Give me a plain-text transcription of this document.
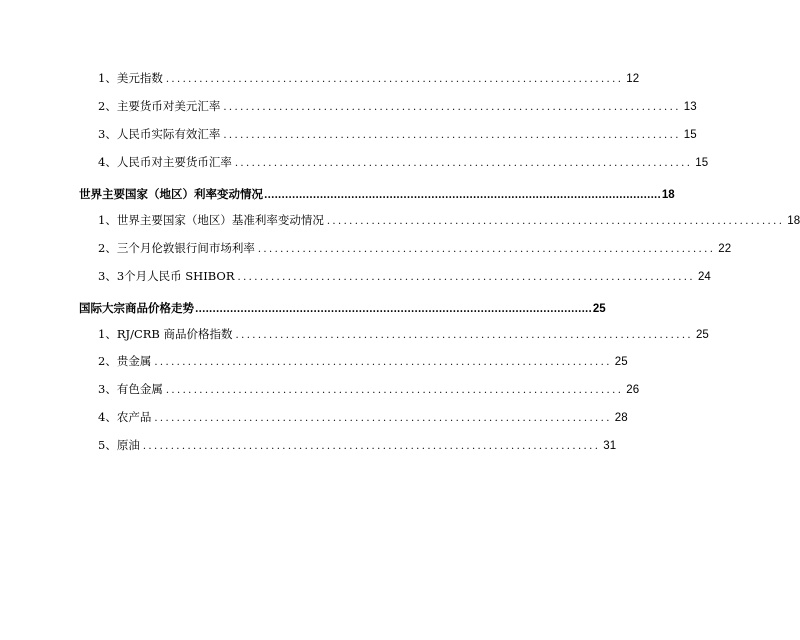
1、美元指数 .................................................................................. 12
2、主要货币对美元汇率 .................................................................................. 13
3、人民币实际有效汇率 .................................................................................. 15
4、人民币对主要货币汇率 .................................................................................. 15
世界主要国家（地区）利率变动情况 .................................................................................................................. 18
1、世界主要国家（地区）基准利率变动情况 .................................................................................. 18
2、三个月伦敦银行间市场利率 .................................................................................. 22
3、3个月人民币 SHIBOR .................................................................................. 24
国际大宗商品价格走势 .................................................................................................................. 25
1、RJ/CRB 商品价格指数 .................................................................................. 25
2、贵金属 .................................................................................. 25
3、有色金属 .................................................................................. 26
4、农产品 .................................................................................. 28
5、原油 .................................................................................. 31
